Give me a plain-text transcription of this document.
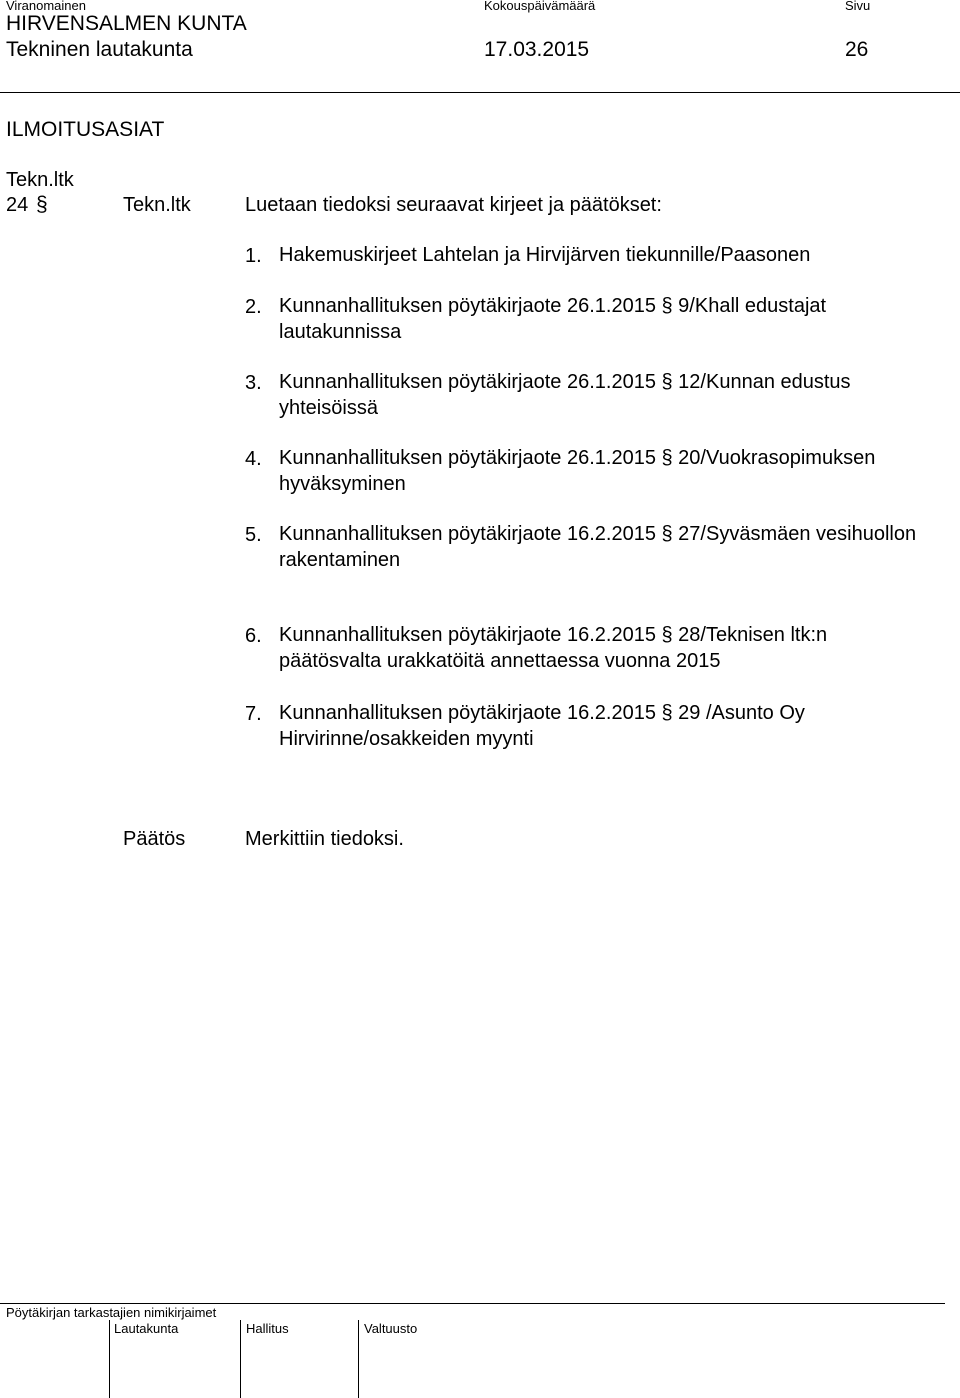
Viranomainen	Kokouspäivämäärä	Sivu
HIRVENSALMEN KUNTA
Tekninen lautakunta	17.03.2015	26
ILMOITUSASIAT
Tekn.ltk
24 §	Tekn.ltk	Luetaan tiedoksi seuraavat kirjeet ja päätökset:
1. Hakemuskirjeet Lahtelan ja Hirvijärven tiekunnille/Paasonen
2. Kunnanhallituksen pöytäkirjaote 26.1.2015 § 9/Khall edustajat lautakunnissa
3. Kunnanhallituksen pöytäkirjaote 26.1.2015 § 12/Kunnan edustus yhteisöissä
4. Kunnanhallituksen pöytäkirjaote 26.1.2015 § 20/Vuokrasopimuksen hyväksyminen
5. Kunnanhallituksen pöytäkirjaote 16.2.2015 § 27/Syväsmäen vesihuollon rakentaminen
6. Kunnanhallituksen pöytäkirjaote 16.2.2015 § 28/Teknisen ltk:n päätösvalta urakkatöitä annettaessa vuonna 2015
7. Kunnanhallituksen pöytäkirjaote 16.2.2015 § 29 /Asunto Oy Hirvirinne/osakkeiden myynti
Päätös	Merkittiin tiedoksi.
Pöytäkirjan tarkastajien nimikirjaimet
Lautakunta	Hallitus	Valtuusto
